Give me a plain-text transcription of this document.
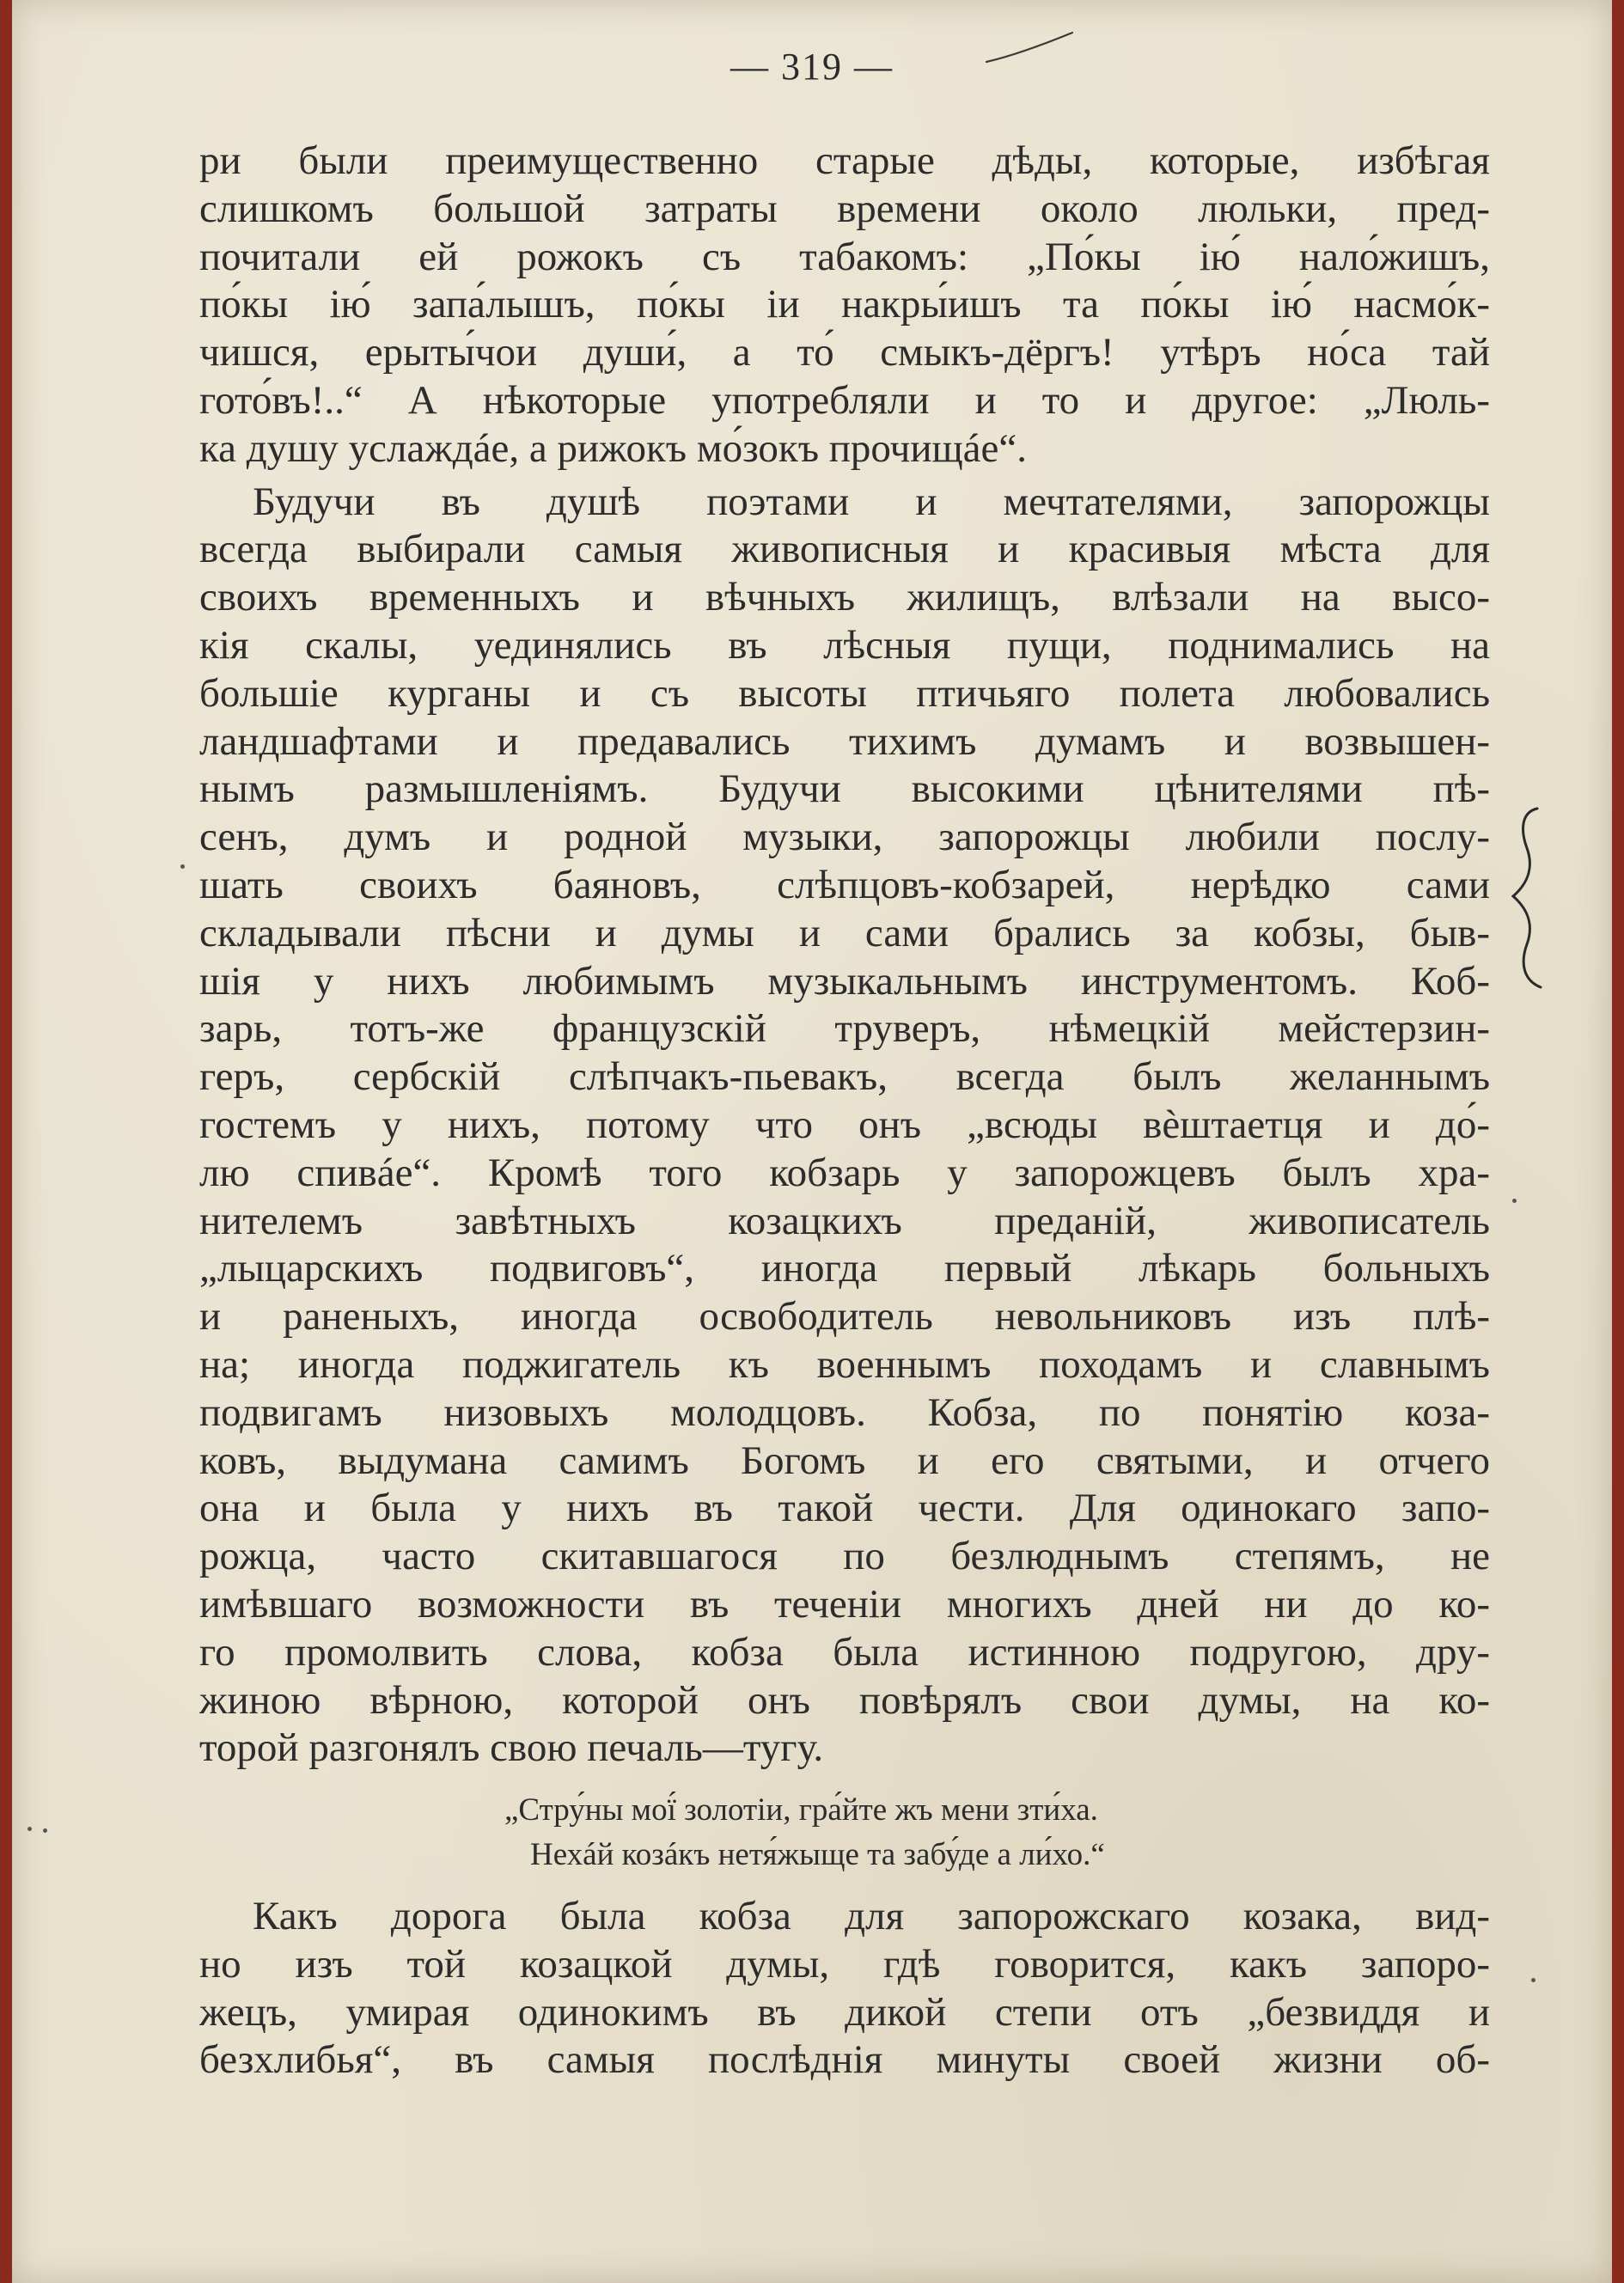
— 319 —
ри были преимущественно старые дѣды, которые, избѣгая
слишкомъ большой затраты времени около люльки, пред-
почитали ей рожокъ съ табакомъ: „По́кы ію́ нало́жишъ,
по́кы ію́ запа́лышъ, по́кы іи накры́ишъ та по́кы ію́ насмо́к-
чишся, ерыты́чои души́, а то́ смыкъ-дёргъ! утѣръ но́са тай
гото́въ!..“ А нѣкоторые употребляли и то и другое: „Люль-
ка душу услаждáе, а рижокъ мо́зокъ прочищáе“.
Будучи въ душѣ поэтами и мечтателями, запорожцы
всегда выбирали самыя живописныя и красивыя мѣста для
своихъ временныхъ и вѣчныхъ жилищъ, влѣзали на высо-
кія скалы, уединялись въ лѣсныя пущи, поднимались на
большіе курганы и съ высоты птичьяго полета любовались
ландшафтами и предавались тихимъ думамъ и возвышен-
нымъ размышленіямъ. Будучи высокими цѣнителями пѣ-
сенъ, думъ и родной музыки, запорожцы любили послу-
шать своихъ баяновъ, слѣпцовъ-кобзарей, нерѣдко сами
складывали пѣсни и думы и сами брались за кобзы, быв-
шія у нихъ любимымъ музыкальнымъ инструментомъ. Коб-
зарь, тотъ-же французскій труверъ, нѣмецкій мейстерзин-
геръ, сербскій слѣпчакъ-пьевакъ, всегда былъ желаннымъ
гостемъ у нихъ, потому что онъ „всюды вѐштаетця и до́-
лю спивáе“. Кромѣ того кобзарь у запорожцевъ былъ хра-
нителемъ завѣтныхъ козацкихъ преданій, живописатель
„лыцарскихъ подвиговъ“, иногда первый лѣкарь больныхъ
и раненыхъ, иногда освободитель невольниковъ изъ плѣ-
на; иногда поджигатель къ военнымъ походамъ и славнымъ
подвигамъ низовыхъ молодцовъ. Кобза, по понятію коза-
ковъ, выдумана самимъ Богомъ и его святыми, и отчего
она и была у нихъ въ такой чести. Для одинокаго запо-
рожца, часто скитавшагося по безлюднымъ степямъ, не
имѣвшаго возможности въ теченіи многихъ дней ни до ко-
го промолвить слова, кобза была истинною подругою, дру-
жиною вѣрною, которой онъ повѣрялъ свои думы, на ко-
торой разгонялъ свою печаль—тугу.
„Стру́ны мої́ золотіи, гра́йте жъ мени зти́ха.
Нехáй козáкъ нетя́жыще та забу́де а ли́хо.“
Какъ дорога была кобза для запорожскаго козака, вид-
но изъ той козацкой думы, гдѣ говорится, какъ запоро-
жецъ, умирая одинокимъ въ дикой степи отъ „безвиддя и
безхлибья“, въ самыя послѣднія минуты своей жизни об-
